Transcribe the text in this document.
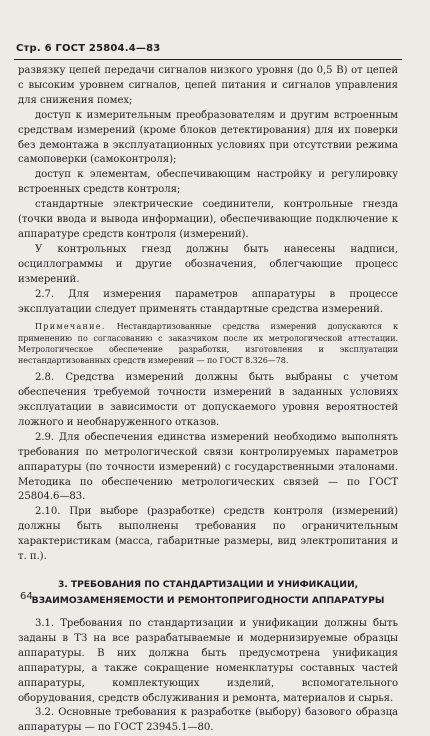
Стр. 6 ГОСТ 25804.4—83

развязку цепей передачи сигналов низкого уровня (до 0,5 В) от цепей с высоким уровнем сигналов, цепей питания и сигналов управления для снижения помех;

доступ к измерительным преобразователям и другим встроенным средствам измерений (кроме блоков детектирования) для их поверки без демонтажа в эксплуатационных условиях при отсутствии режима самоповерки (самоконтроля);

доступ к элементам, обеспечивающим настройку и регулировку встроенных средств контроля;

стандартные электрические соединители, контрольные гнезда (точки ввода и вывода информации), обеспечивающие подключение к аппаратуре средств контроля (измерений).

У контрольных гнезд должны быть нанесены надписи, осциллограммы и другие обозначения, облегчающие процесс измерений.

2.7. Для измерения параметров аппаратуры в процессе эксплуатации следует применять стандартные средства измерений.

Примечание. Нестандартизованные средства измерений допускаются к применению по согласованию с заказчиком после их метрологической аттестации. Метрологическое обеспечение разработки, изготовления и эксплуатации нестандартизованных средств измерений — по ГОСТ 8.326—78.

2.8. Средства измерений должны быть выбраны с учетом обеспечения требуемой точности измерений в заданных условиях эксплуатации в зависимости от допускаемого уровня вероятностей ложного и необнаруженного отказов.

2.9. Для обеспечения единства измерений необходимо выполнять требования по метрологической связи контролируемых параметров аппаратуры (по точности измерений) с государственными эталонами. Методика по обеспечению метрологических связей — по ГОСТ 25804.6—83.

2.10. При выборе (разработке) средств контроля (измерений) должны быть выполнены требования по ограничительным характеристикам (масса, габаритные размеры, вид электропитания и т. п.).

3. ТРЕБОВАНИЯ ПО СТАНДАРТИЗАЦИИ И УНИФИКАЦИИ, ВЗАИМОЗАМЕНЯЕМОСТИ И РЕМОНТОПРИГОДНОСТИ АППАРАТУРЫ

3.1. Требования по стандартизации и унификации должны быть заданы в ТЗ на все разрабатываемые и модернизируемые образцы аппаратуры. В них должна быть предусмотрена унификация аппаратуры, а также сокращение номенклатуры составных частей аппаратуры, комплектующих изделий, вспомогательного оборудования, средств обслуживания и ремонта, материалов и сырья.

3.2. Основные требования к разработке (выбору) базового образца аппаратуры — по ГОСТ 23945.1—80.

64
